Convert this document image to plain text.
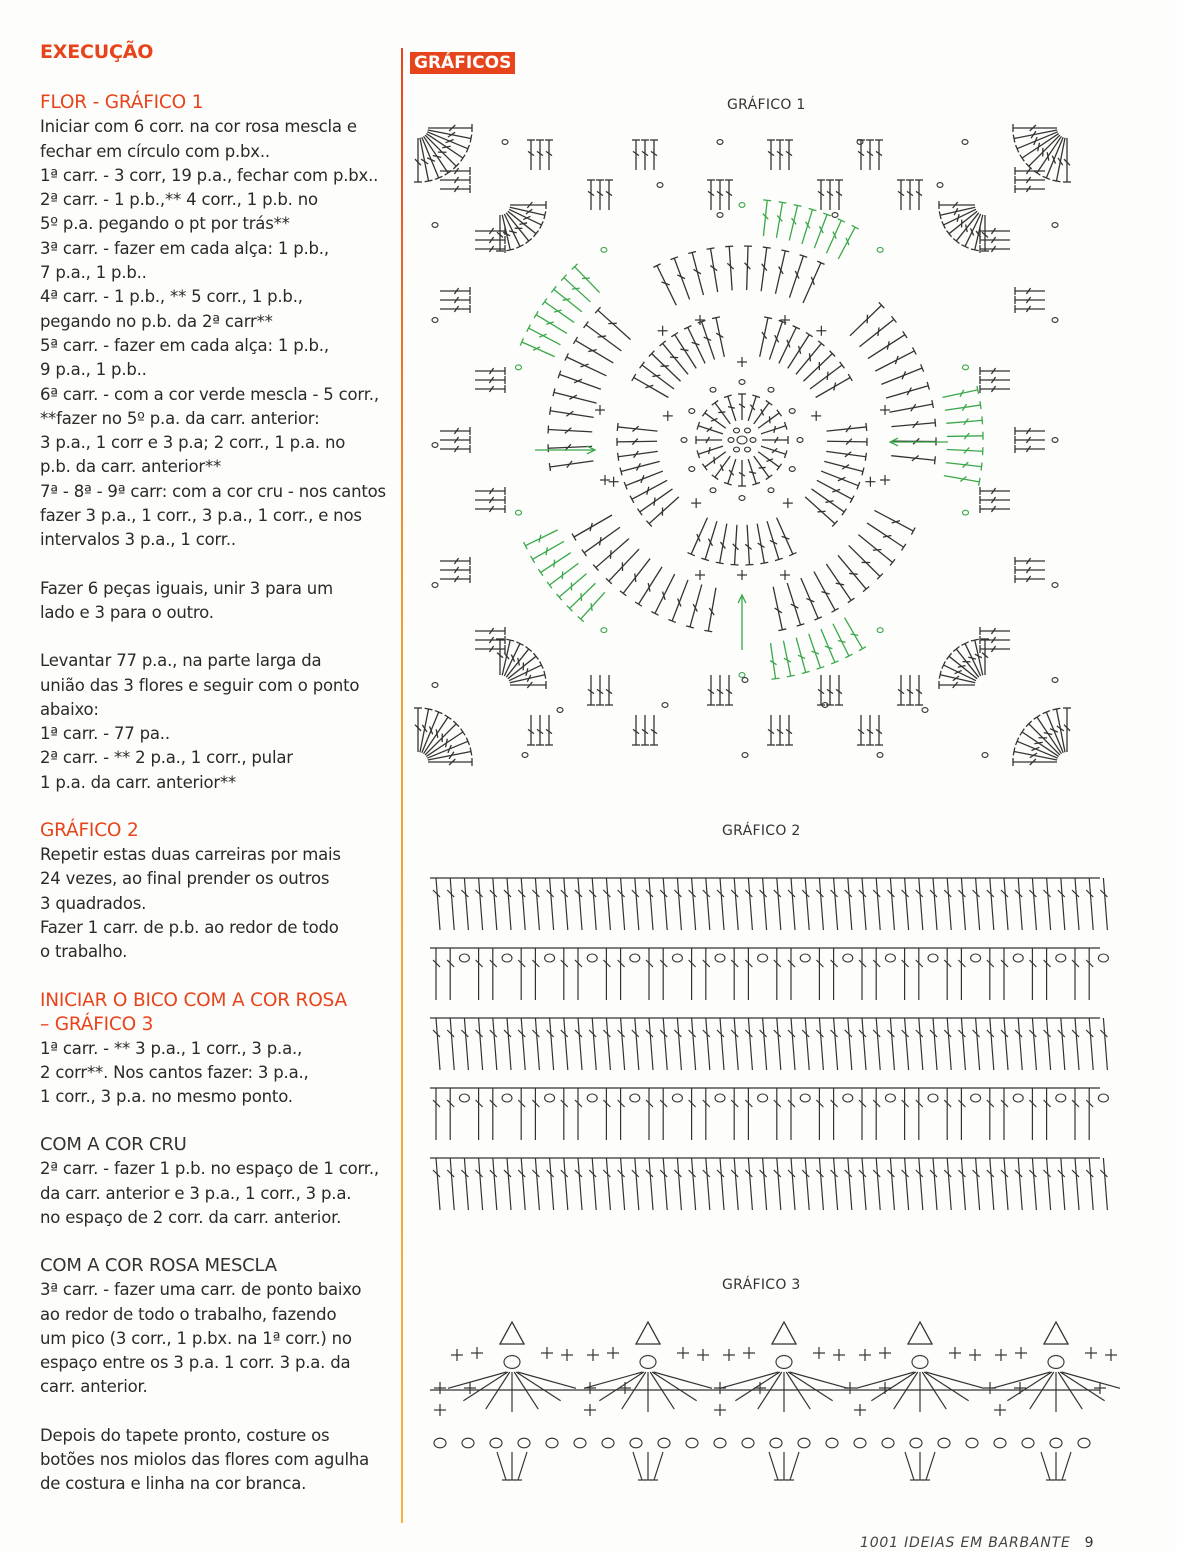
EXECUÇÃO
FLOR - GRÁFICO 1
Iniciar com 6 corr. na cor rosa mescla e
fechar em círculo com p.bx..
1ª carr. - 3 corr, 19 p.a., fechar com p.bx..
2ª carr. - 1 p.b.,** 4 corr., 1 p.b. no
5º p.a. pegando o pt por trás**
3ª carr. - fazer em cada alça: 1 p.b.,
7 p.a., 1 p.b..
4ª carr. - 1 p.b., ** 5 corr., 1 p.b.,
pegando no p.b. da 2ª carr**
5ª carr. - fazer em cada alça: 1 p.b.,
9 p.a., 1 p.b..
6ª carr. - com a cor verde mescla - 5 corr.,
**fazer no 5º p.a. da carr. anterior:
3 p.a., 1 corr e 3 p.a; 2 corr., 1 p.a. no
p.b. da carr. anterior**
7ª - 8ª - 9ª carr: com a cor cru - nos cantos
fazer 3 p.a., 1 corr., 3 p.a., 1 corr., e nos
intervalos 3 p.a., 1 corr..
Fazer 6 peças iguais, unir 3 para um
lado e 3 para o outro.
Levantar 77 p.a., na parte larga da
união das 3 flores e seguir com o ponto
abaixo:
1ª carr. - 77 pa..
2ª carr. - ** 2 p.a., 1 corr., pular
1 p.a. da carr. anterior**
GRÁFICO 2
Repetir estas duas carreiras por mais
24 vezes, ao final prender os outros
3 quadrados.
Fazer 1 carr. de p.b. ao redor de todo
o trabalho.
INICIAR O BICO COM A COR ROSA
– GRÁFICO 3
1ª carr. - ** 3 p.a., 1 corr., 3 p.a.,
2 corr**. Nos cantos fazer: 3 p.a.,
1 corr., 3 p.a. no mesmo ponto.
COM A COR CRU
2ª carr. - fazer 1 p.b. no espaço de 1 corr.,
da carr. anterior e 3 p.a., 1 corr., 3 p.a.
no espaço de 2 corr. da carr. anterior.
COM A COR ROSA MESCLA
3ª carr. - fazer uma carr. de ponto baixo
ao redor de todo o trabalho, fazendo
um pico (3 corr., 1 p.bx. na 1ª corr.) no
espaço entre os 3 p.a. 1 corr. 3 p.a. da
carr. anterior.
Depois do tapete pronto, costure os
botões nos miolos das flores com agulha
de costura e linha na cor branca.
GRÁFICOS
GRÁFICO 1
GRÁFICO 2
GRÁFICO 3
1001 IDEIAS EM BARBANTE 9
